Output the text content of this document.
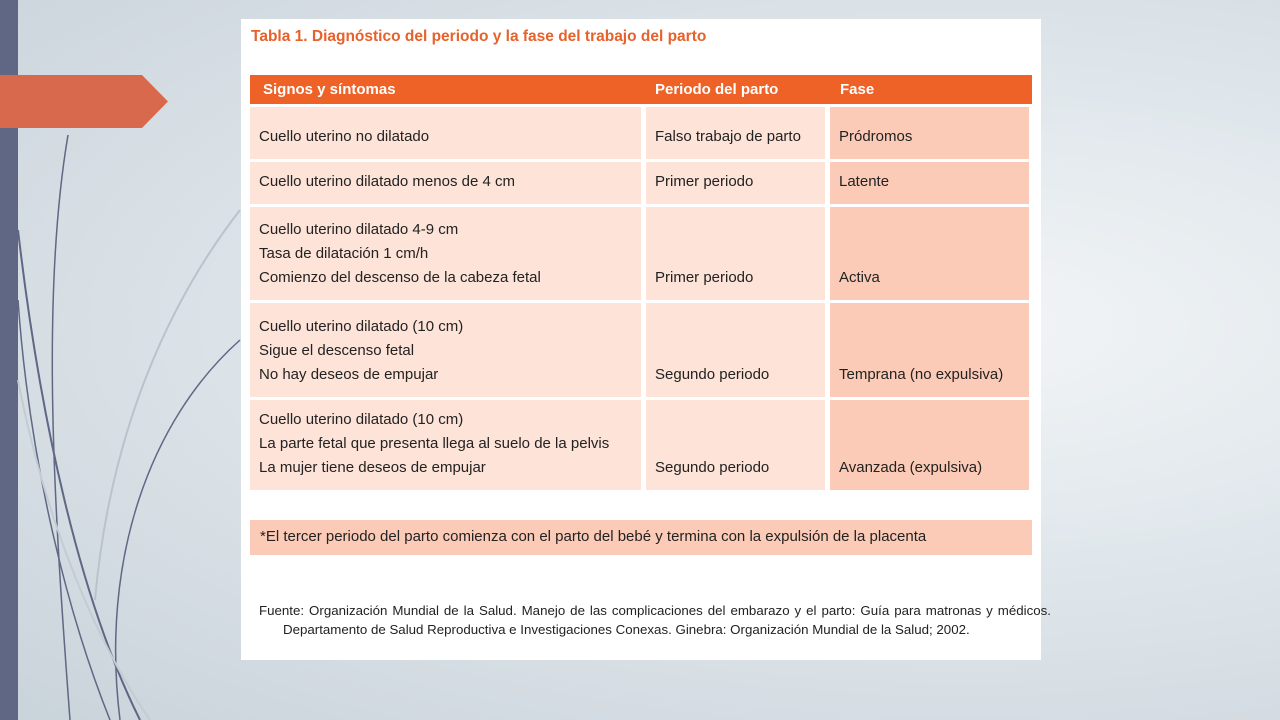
Tabla 1. Diagnóstico del periodo y la fase del trabajo del parto
Signos y síntomas	Periodo del parto	Fase
Cuello uterino no dilatado	Falso trabajo de parto	Pródromos
Cuello uterino dilatado menos de 4 cm	Primer periodo	Latente
Cuello uterino dilatado 4-9 cm
Tasa de dilatación 1 cm/h
Comienzo del descenso de la cabeza fetal	Primer periodo	Activa
Cuello uterino dilatado (10 cm)
Sigue el descenso fetal
No hay deseos de empujar	Segundo periodo	Temprana (no expulsiva)
Cuello uterino dilatado (10 cm)
La parte fetal que presenta llega al suelo de la pelvis
La mujer tiene deseos de empujar	Segundo periodo	Avanzada (expulsiva)
*El tercer periodo del parto comienza con el parto del bebé y termina con la expulsión de la placenta
Fuente: Organización Mundial de la Salud. Manejo de las complicaciones del embarazo y el parto: Guía para matronas y médicos. Departamento de Salud Reproductiva e Investigaciones Conexas. Ginebra: Organización Mundial de la Salud; 2002.
